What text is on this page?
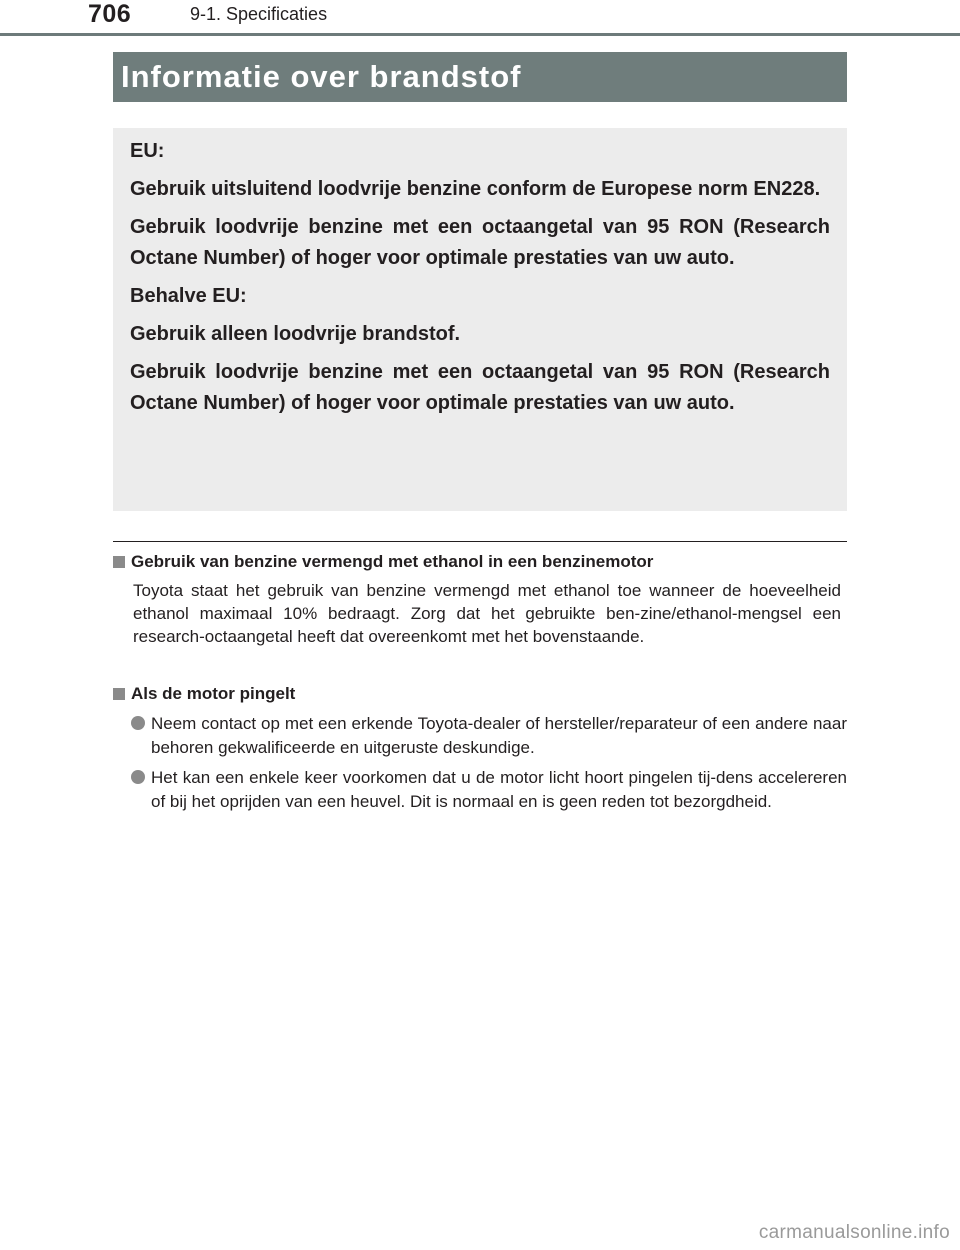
706	9-1. Specificaties
Informatie over brandstof

EU:

Gebruik uitsluitend loodvrije benzine conform de Europese norm EN228.

Gebruik loodvrije benzine met een octaangetal van 95 RON (Research Octane Number) of hoger voor optimale prestaties van uw auto.

Behalve EU:

Gebruik alleen loodvrije brandstof.

Gebruik loodvrije benzine met een octaangetal van 95 RON (Research Octane Number) of hoger voor optimale prestaties van uw auto.

Gebruik van benzine vermengd met ethanol in een benzinemotor

Toyota staat het gebruik van benzine vermengd met ethanol toe wanneer de hoeveelheid ethanol maximaal 10% bedraagt. Zorg dat het gebruikte ben-zine/ethanol-mengsel een research-octaangetal heeft dat overeenkomt met het bovenstaande.

Als de motor pingelt

Neem contact op met een erkende Toyota-dealer of hersteller/reparateur of een andere naar behoren gekwalificeerde en uitgeruste deskundige.

Het kan een enkele keer voorkomen dat u de motor licht hoort pingelen tij-dens accelereren of bij het oprijden van een heuvel. Dit is normaal en is geen reden tot bezorgdheid.

carmanualsonline.info
